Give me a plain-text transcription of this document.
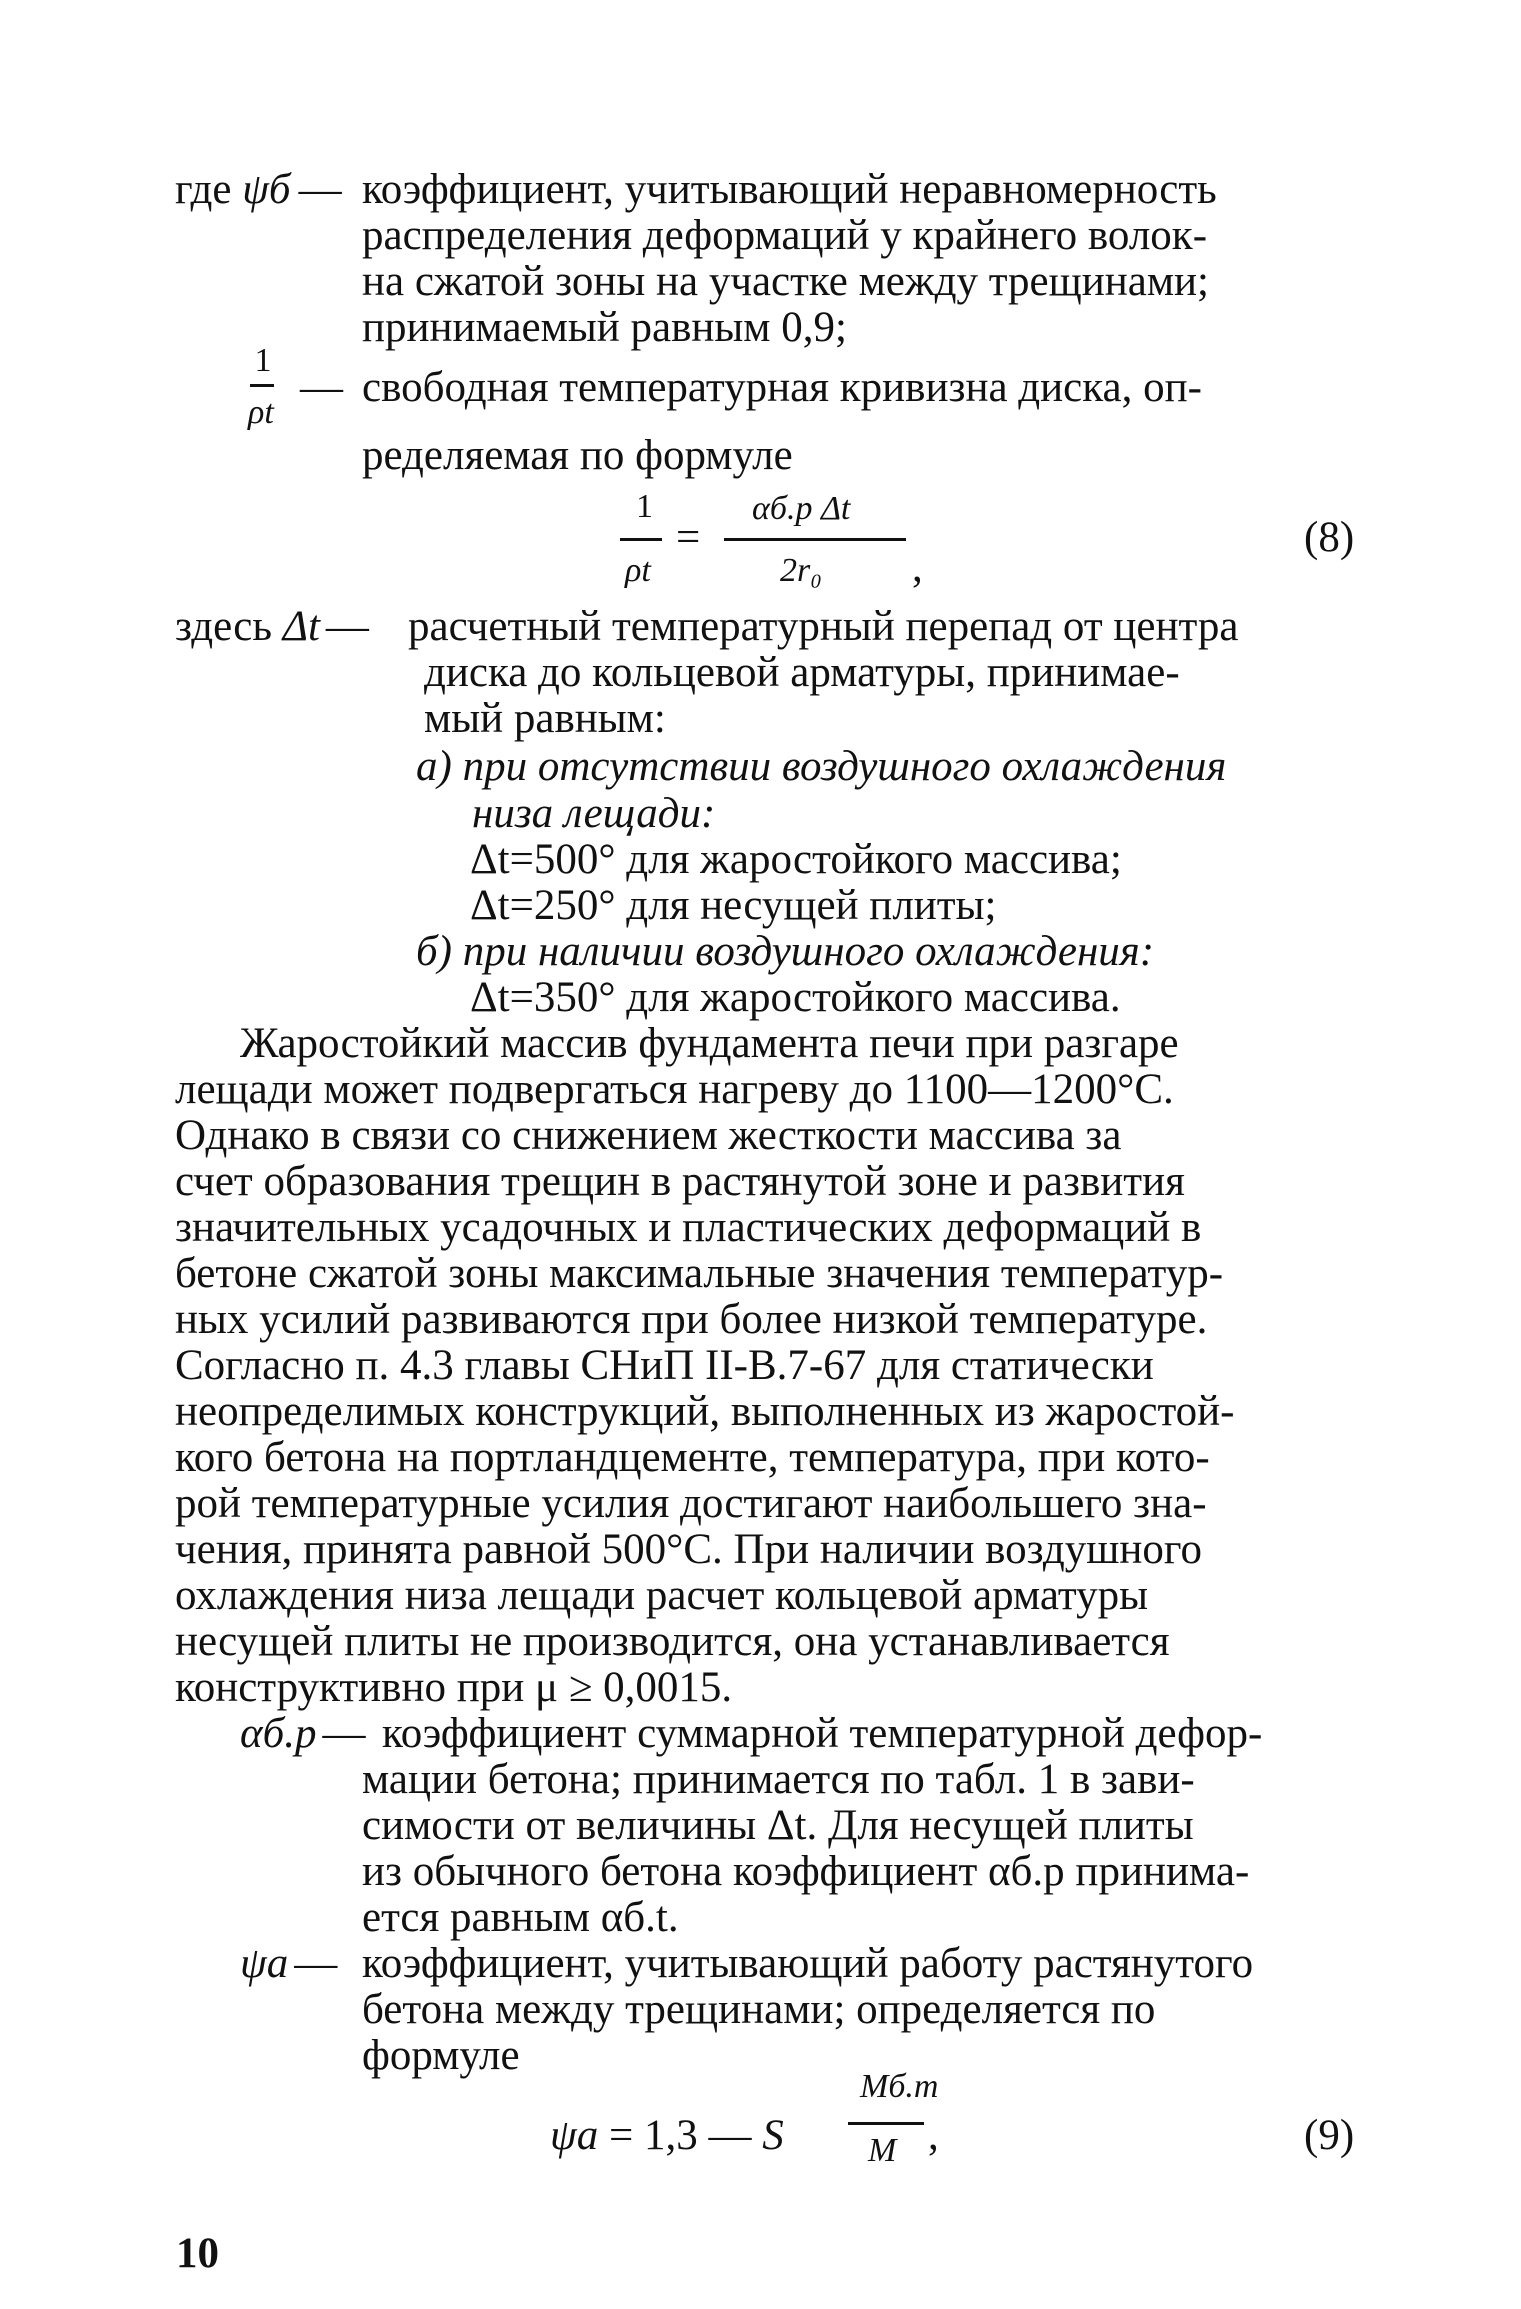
где ψб — коэффициент, учитывающий неравномерность
распределения деформаций у крайнего волок-
на сжатой зоны на участке между трещинами;
принимаемый равным 0,9;
1
ρt
— свободная температурная кривизна диска, оп-
ределяемая по формуле
1
ρt
=
αб.р Δt
2r₀ ,
(8)
здесь Δt — расчетный температурный перепад от центра
диска до кольцевой арматуры, принимае-
мый равным:
а) при отсутствии воздушного охлаждения
низа лещади:
Δt=500° для жаростойкого массива;
Δt=250° для несущей плиты;
б) при наличии воздушного охлаждения:
Δt=350° для жаростойкого массива.
Жаростойкий массив фундамента печи при разгаре
лещади может подвергаться нагреву до 1100—1200°С.
Однако в связи со снижением жесткости массива за
счет образования трещин в растянутой зоне и развития
значительных усадочных и пластических деформаций в
бетоне сжатой зоны максимальные значения температур-
ных усилий развиваются при более низкой температуре.
Согласно п. 4.3 главы СНиП II-В.7-67 для статически
неопределимых конструкций, выполненных из жаростой-
кого бетона на портландцементе, температура, при кото-
рой температурные усилия достигают наибольшего зна-
чения, принята равной 500°С. При наличии воздушного
охлаждения низа лещади расчет кольцевой арматуры
несущей плиты не производится, она устанавливается
конструктивно при μ ≥ 0,0015.
αб.р — коэффициент суммарной температурной дефор-
мации бетона; принимается по табл. 1 в зави-
симости от величины Δt. Для несущей плиты
из обычного бетона коэффициент αб.р принима-
ется равным αб.t.
ψa — коэффициент, учитывающий работу растянутого
бетона между трещинами; определяется по
формуле
ψa = 1,3 — S
Mб.т
M ,	(9)
10
